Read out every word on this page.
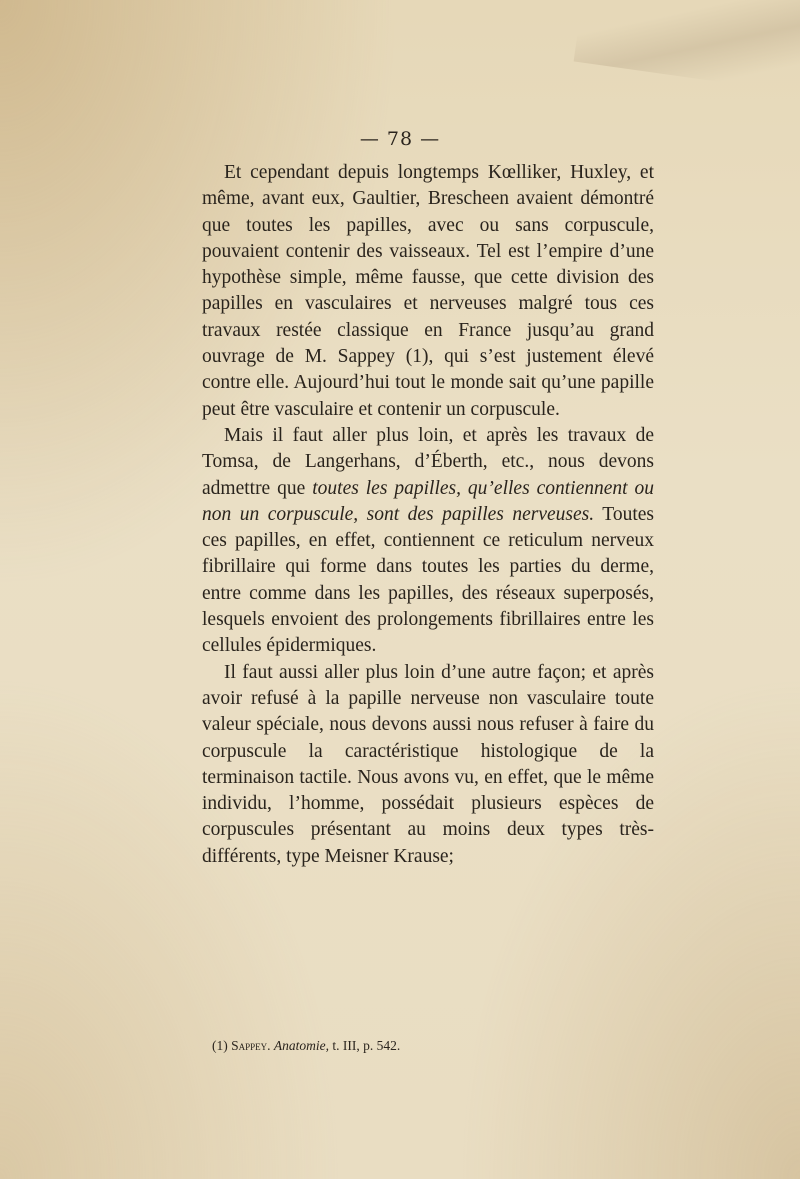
— 78 —

Et cependant depuis longtemps Kœlliker, Huxley, et même, avant eux, Gaultier, Brescheen avaient démontré que toutes les papilles, avec ou sans corpuscule, pouvaient contenir des vaisseaux. Tel est l’empire d’une hypothèse simple, même fausse, que cette division des papilles en vasculaires et nerveuses malgré tous ces travaux restée classique en France jusqu’au grand ouvrage de M. Sappey (1), qui s’est justement élevé contre elle. Aujourd’hui tout le monde sait qu’une papille peut être vasculaire et contenir un corpuscule.

Mais il faut aller plus loin, et après les travaux de Tomsa, de Langerhans, d’Éberth, etc., nous devons admettre que toutes les papilles, qu’elles contiennent ou non un corpuscule, sont des papilles nerveuses. Toutes ces papilles, en effet, contiennent ce reticulum nerveux fibrillaire qui forme dans toutes les parties du derme, entre comme dans les papilles, des réseaux superposés, lesquels envoient des prolongements fibrillaires entre les cellules épidermiques.

Il faut aussi aller plus loin d’une autre façon; et après avoir refusé à la papille nerveuse non vasculaire toute valeur spéciale, nous devons aussi nous refuser à faire du corpuscule la caractéristique histologique de la terminaison tactile. Nous avons vu, en effet, que le même individu, l’homme, possédait plusieurs espèces de corpuscules présentant au moins deux types très-différents, type Meisner Krause;

(1) Sappey. Anatomie, t. III, p. 542.
